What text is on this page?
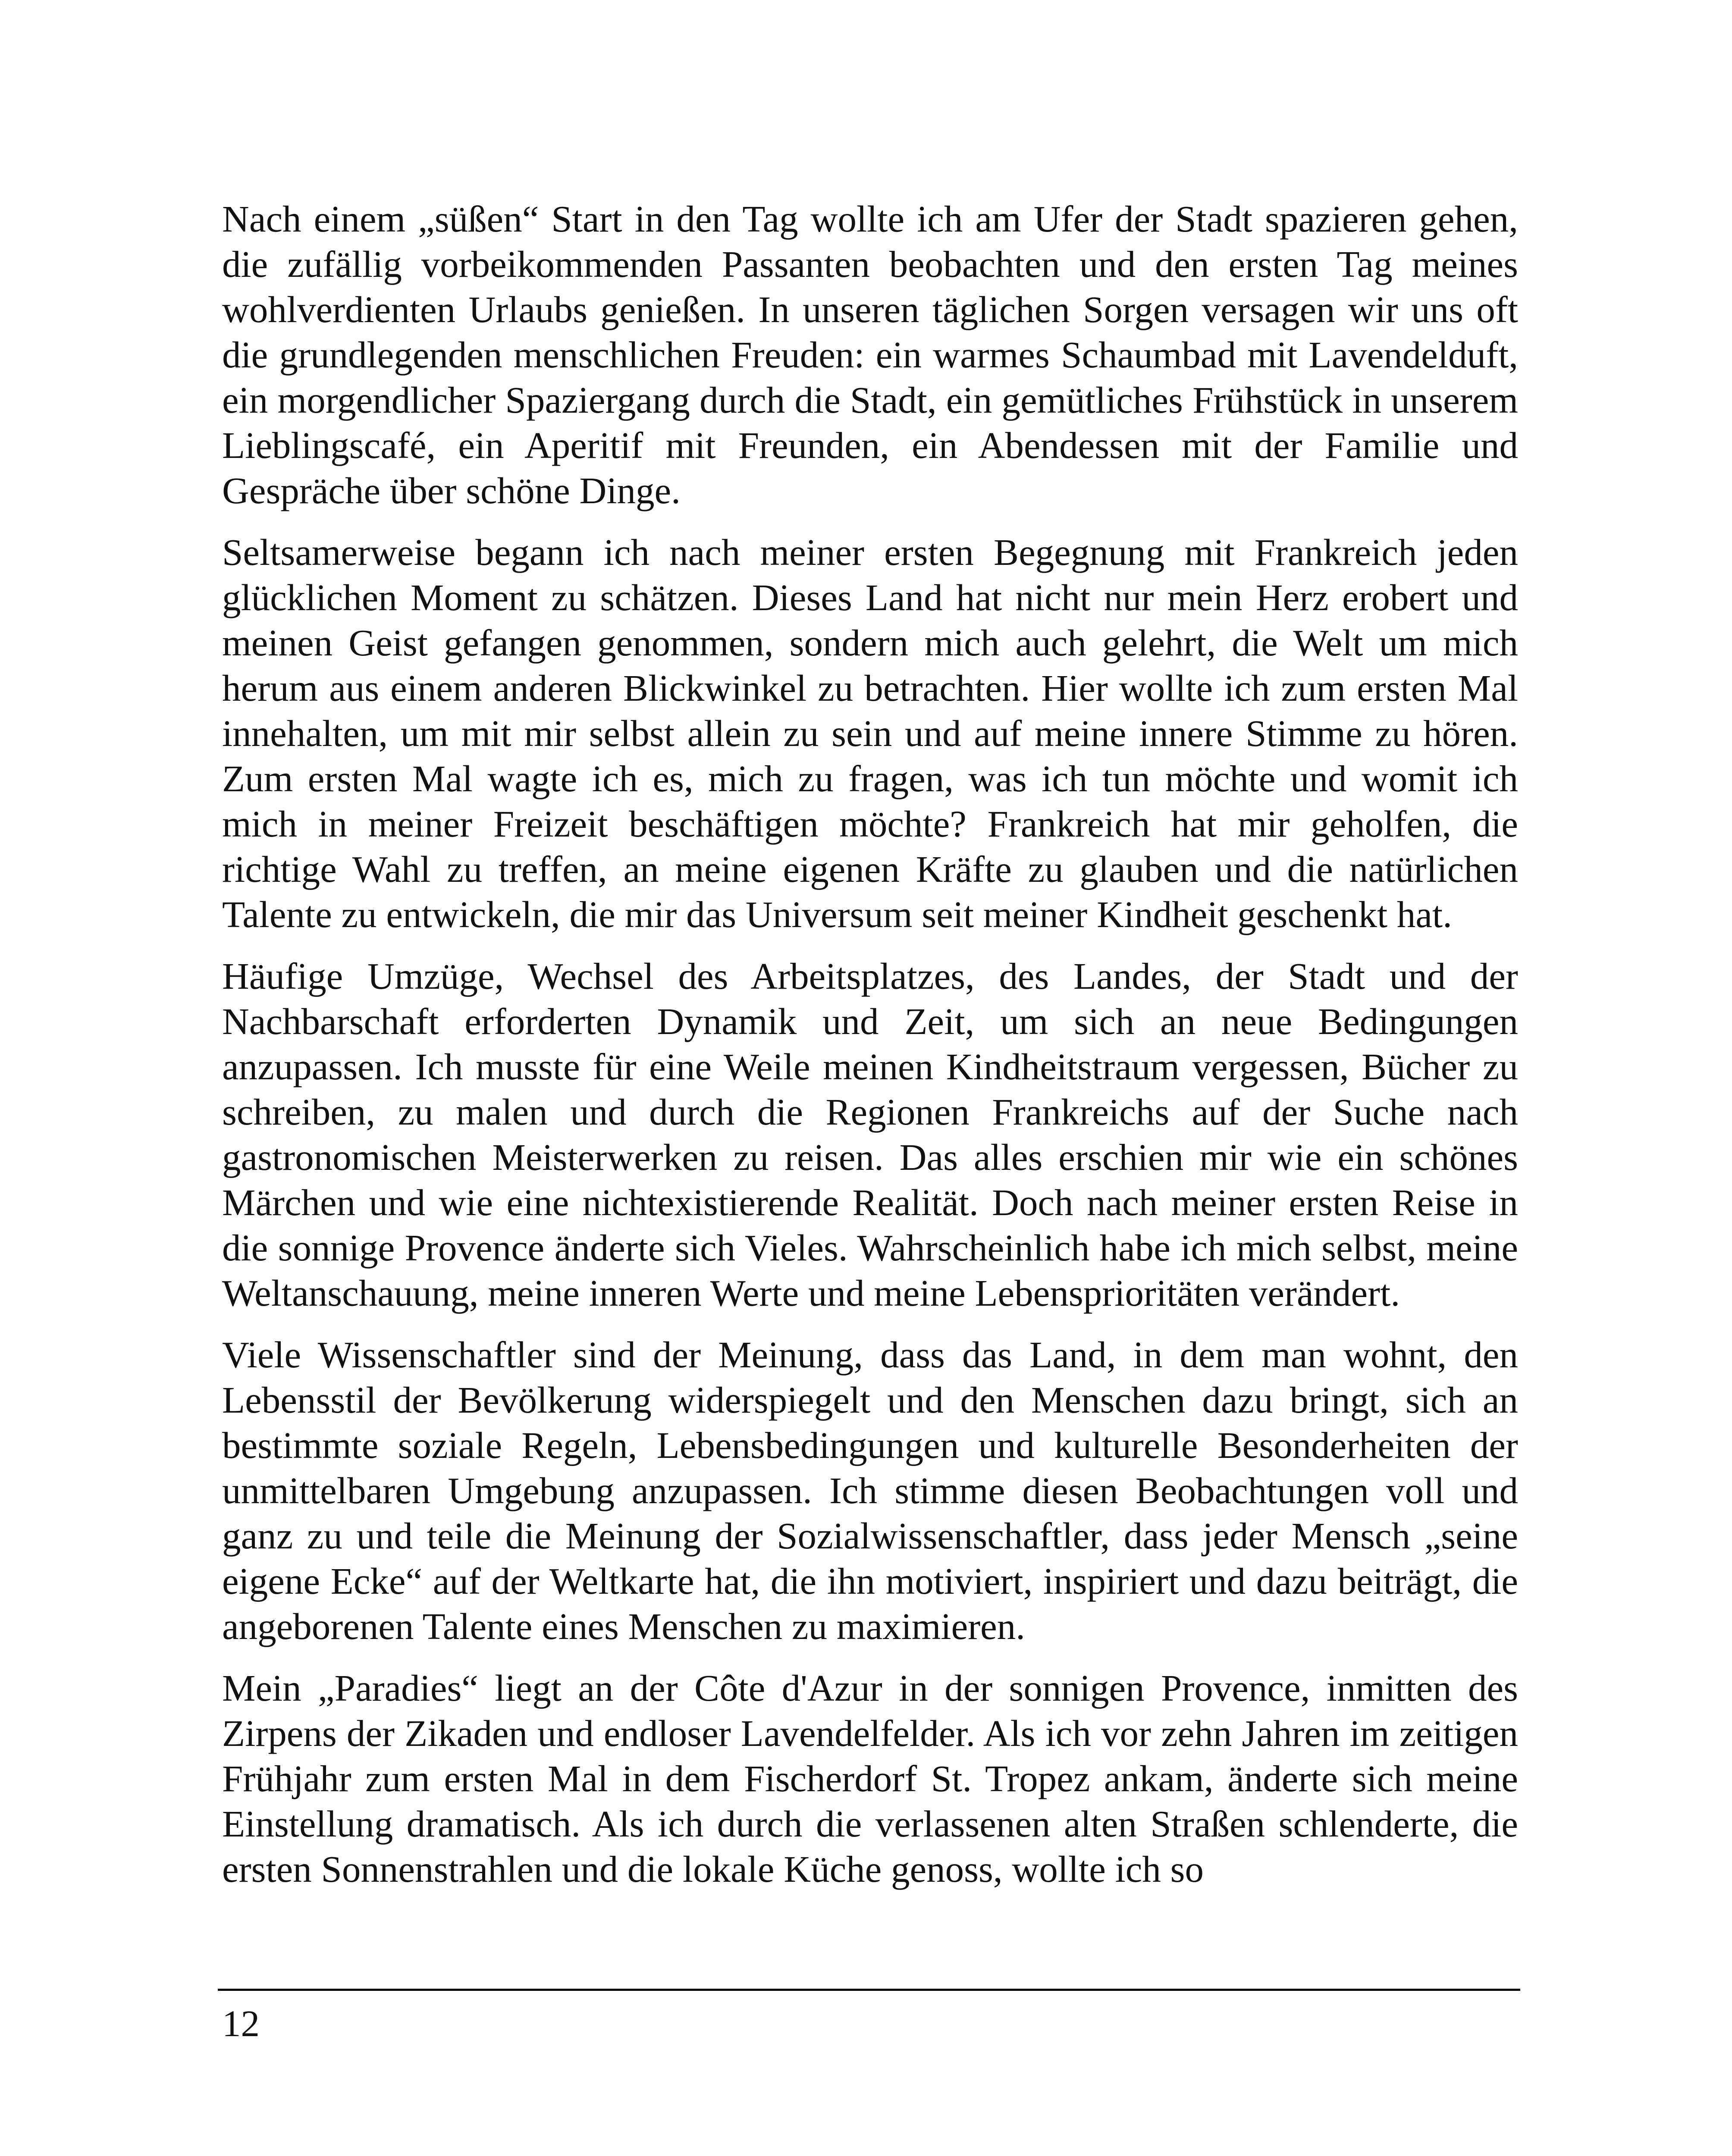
Nach einem „süßen“ Start in den Tag wollte ich am Ufer der Stadt spazieren gehen, die zufällig vorbeikommenden Passanten beobachten und den ersten Tag meines wohlverdienten Urlaubs genießen. In unseren täglichen Sorgen versagen wir uns oft die grundlegenden menschlichen Freuden: ein warmes Schaumbad mit Lavendelduft, ein morgendlicher Spaziergang durch die Stadt, ein gemütliches Frühstück in unserem Lieblingscafé, ein Aperitif mit Freunden, ein Abendessen mit der Familie und Gespräche über schöne Dinge.

Seltsamerweise begann ich nach meiner ersten Begegnung mit Frankreich jeden glücklichen Moment zu schätzen. Dieses Land hat nicht nur mein Herz erobert und meinen Geist gefangen genommen, sondern mich auch gelehrt, die Welt um mich herum aus einem anderen Blickwinkel zu betrachten. Hier wollte ich zum ersten Mal innehalten, um mit mir selbst allein zu sein und auf meine innere Stimme zu hören. Zum ersten Mal wagte ich es, mich zu fragen, was ich tun möchte und womit ich mich in meiner Freizeit beschäftigen möchte? Frankreich hat mir geholfen, die richtige Wahl zu treffen, an meine eigenen Kräfte zu glauben und die natürlichen Talente zu entwickeln, die mir das Universum seit meiner Kindheit geschenkt hat.

Häufige Umzüge, Wechsel des Arbeitsplatzes, des Landes, der Stadt und der Nachbarschaft erforderten Dynamik und Zeit, um sich an neue Bedingungen anzupassen. Ich musste für eine Weile meinen Kindheitstraum vergessen, Bücher zu schreiben, zu malen und durch die Regionen Frankreichs auf der Suche nach gastronomischen Meisterwerken zu reisen. Das alles erschien mir wie ein schönes Märchen und wie eine nichtexistierende Realität. Doch nach meiner ersten Reise in die sonnige Provence änderte sich Vieles. Wahrscheinlich habe ich mich selbst, meine Weltanschauung, meine inneren Werte und meine Lebensprioritäten verändert.

Viele Wissenschaftler sind der Meinung, dass das Land, in dem man wohnt, den Lebensstil der Bevölkerung widerspiegelt und den Menschen dazu bringt, sich an bestimmte soziale Regeln, Lebensbedingungen und kulturelle Besonderheiten der unmittelbaren Umgebung anzupassen. Ich stimme diesen Beobachtungen voll und ganz zu und teile die Meinung der Sozialwissenschaftler, dass jeder Mensch „seine eigene Ecke“ auf der Weltkarte hat, die ihn motiviert, inspiriert und dazu beiträgt, die angeborenen Talente eines Menschen zu maximieren.

Mein „Paradies“ liegt an der Côte d'Azur in der sonnigen Provence, inmitten des Zirpens der Zikaden und endloser Lavendelfelder. Als ich vor zehn Jahren im zeitigen Frühjahr zum ersten Mal in dem Fischerdorf St. Tropez ankam, änderte sich meine Einstellung dramatisch. Als ich durch die verlassenen alten Straßen schlenderte, die ersten Sonnenstrahlen und die lokale Küche genoss, wollte ich so

12
